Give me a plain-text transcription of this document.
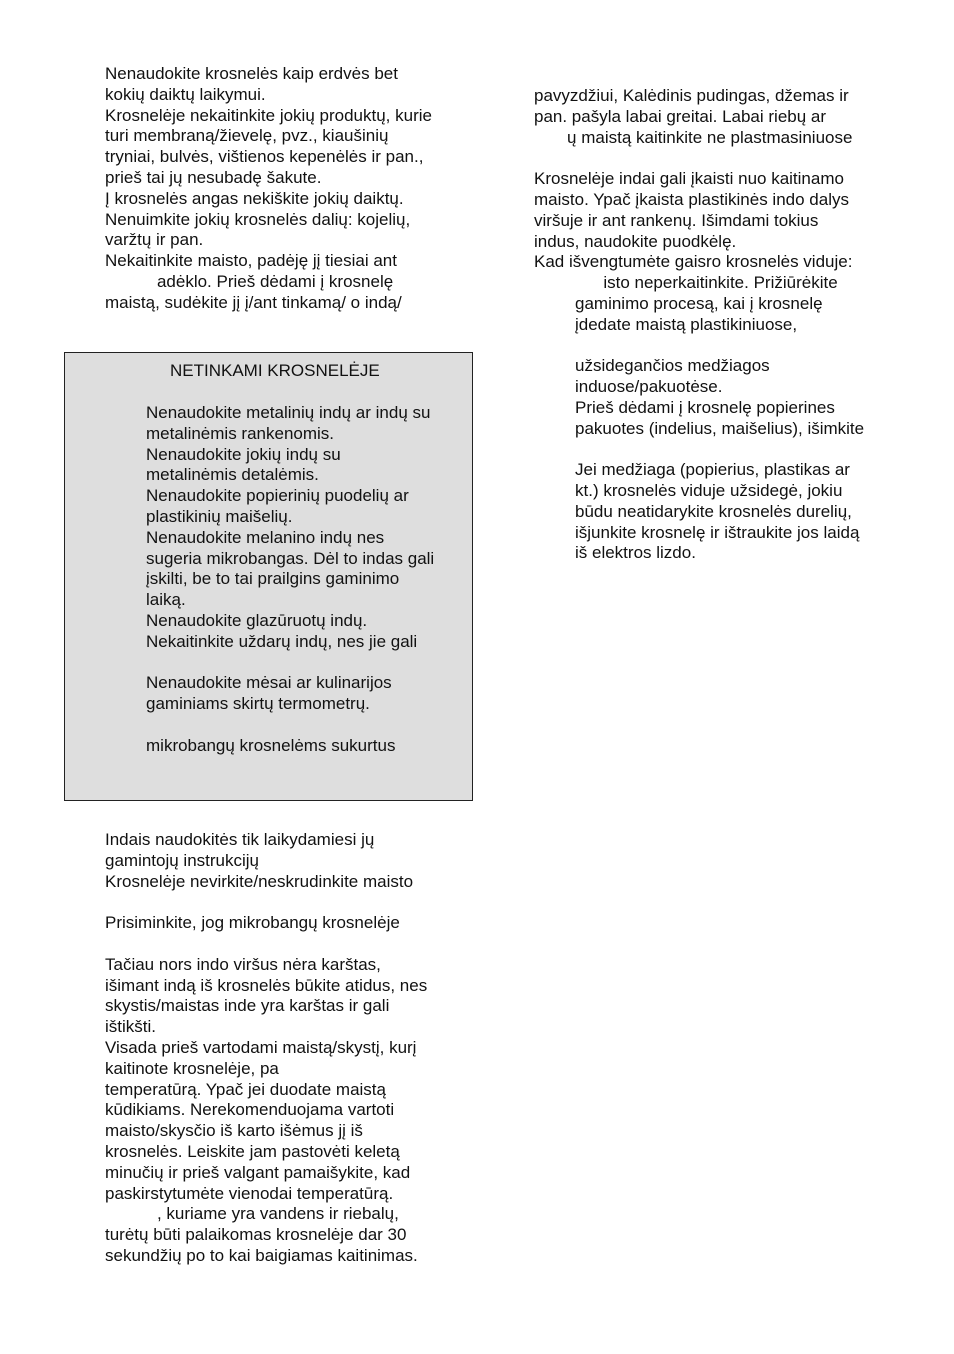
Nenaudokite krosnelės kaip erdvės bet
kokių daiktų laikymui.
Krosnelėje nekaitinkite jokių produktų, kurie
turi membraną/žievelę, pvz., kiaušinių
tryniai, bulvės, vištienos kepenėlės ir pan.,
prieš tai jų nesubadę šakute.
Į krosnelės angas nekiškite jokių daiktų.
Nenuimkite jokių krosnelės dalių: kojelių,
varžtų ir pan.
Nekaitinkite maisto, padėję jį tiesiai ant
adėklo. Prieš dėdami į krosnelę
maistą, sudėkite jį į/ant tinkamą/ o indą/
NETINKAMI KROSNELĖJE
Nenaudokite metalinių indų ar indų su
metalinėmis rankenomis.
Nenaudokite jokių indų su
metalinėmis detalėmis.
Nenaudokite popierinių puodelių ar
plastikinių maišelių.
Nenaudokite melanino indų nes
sugeria mikrobangas. Dėl to indas gali
įskilti, be to tai prailgins gaminimo
laiką.
Nenaudokite glazūruotų indų.
Nekaitinkite uždarų indų, nes jie gali
Nenaudokite mėsai ar kulinarijos
gaminiams skirtų termometrų.
mikrobangų krosnelėms sukurtus
Indais naudokitės tik laikydamiesi jų
gamintojų instrukcijų
Krosnelėje nevirkite/neskrudinkite maisto
Prisiminkite, jog mikrobangų krosnelėje
Tačiau nors indo viršus nėra karštas,
išimant indą iš krosnelės būkite atidus, nes
skystis/maistas inde yra karštas ir gali
ištikšti.
Visada prieš vartodami maistą/skystį, kurį
kaitinote krosnelėje, pa
temperatūrą. Ypač jei duodate maistą
kūdikiams. Nerekomenduojama vartoti
maisto/skysčio iš karto išėmus jį iš
krosnelės. Leiskite jam pastovėti keletą
minučių ir prieš valgant pamaišykite, kad
paskirstytumėte vienodai temperatūrą.
, kuriame yra vandens ir riebalų,
turėtų būti palaikomas krosnelėje dar 30
sekundžių po to kai baigiamas kaitinimas.
pavyzdžiui, Kalėdinis pudingas, džemas ir
pan. pašyla labai greitai. Labai riebų ar
ų maistą kaitinkite ne plastmasiniuose
Krosnelėje indai gali įkaisti nuo kaitinamo
maisto. Ypač įkaista plastikinės indo dalys
viršuje ir ant rankenų. Išimdami tokius
indus, naudokite puodkėlę.
Kad išvengtumėte gaisro krosnelės viduje:
isto neperkaitinkite. Prižiūrėkite
gaminimo procesą, kai į krosnelę
įdedate maistą plastikiniuose,
užsidegančios medžiagos
induose/pakuotėse.
Prieš dėdami į krosnelę popierines
pakuotes (indelius, maišelius), išimkite
Jei medžiaga (popierius, plastikas ar
kt.) krosnelės viduje užsidegė, jokiu
būdu neatidarykite krosnelės durelių,
išjunkite krosnelę ir ištraukite jos laidą
iš elektros lizdo.
